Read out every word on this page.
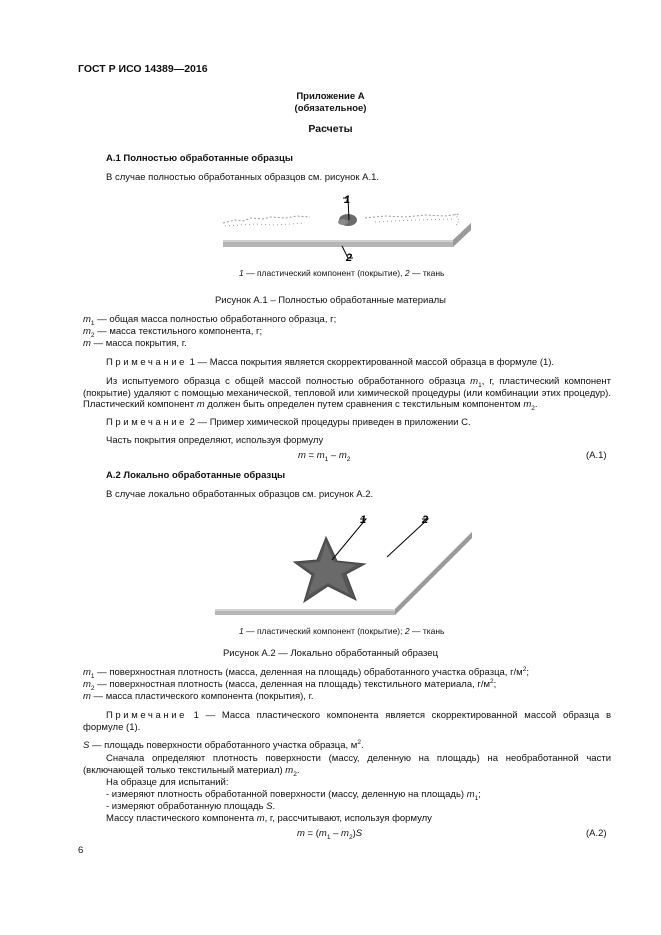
ГОСТ Р ИСО 14389—2016
Приложение А
(обязательное)
Расчеты
А.1 Полностью обработанные образцы
В случае полностью обработанных образцов см. рисунок А.1.
1
2
1 — пластический компонент (покрытие), 2 — ткань
Рисунок А.1 – Полностью обработанные материалы
$m_1$ — общая масса полностью обработанного образца, г;
$m_2$ — масса текстильного компонента, г;
m — масса покрытия, г.
Примечание 1 — Масса покрытия является скорректированной массой образца в формуле (1).
Из испытуемого образца с общей массой полностью обработанного образца $m_1$, г, пластический компонент (покрытие) удаляют с помощью механической, тепловой или химической процедуры (или комбинации этих процедур). Пластический компонент m должен быть определен путем сравнения с текстильным компонентом $m_2$.
Примечание 2 — Пример химической процедуры приведен в приложении С.
Часть покрытия определяют, используя формулу
$m = m_1 - m_2$	(А.1)
А.2 Локально обработанные образцы
В случае локально обработанных образцов см. рисунок А.2.
1	2
1 — пластический компонент (покрытие); 2 — ткань
Рисунок А.2 — Локально обработанный образец
$m_1$ — поверхностная плотность (масса, деленная на площадь) обработанного участка образца, $г/м^2$;
$m_2$ — поверхностная плотность (масса, деленная на площадь) текстильного материала, $г/м^2$;
m — масса пластического компонента (покрытия), г.
Примечание 1 — Масса пластического компонента является скорректированной массой образца в формуле (1).
S — площадь поверхности обработанного участка образца, $м^2$.
Сначала определяют плотность поверхности (массу, деленную на площадь) на необработанной части (включающей только текстильный материал) $m_2$.
На образце для испытаний:
- измеряют плотность обработанной поверхности (массу, деленную на площадь) $m_1$;
- измеряют обработанную площадь S.
Массу пластического компонента m, г, рассчитывают, используя формулу
$m = (m_1 - m_2)S$	(А.2)
6
